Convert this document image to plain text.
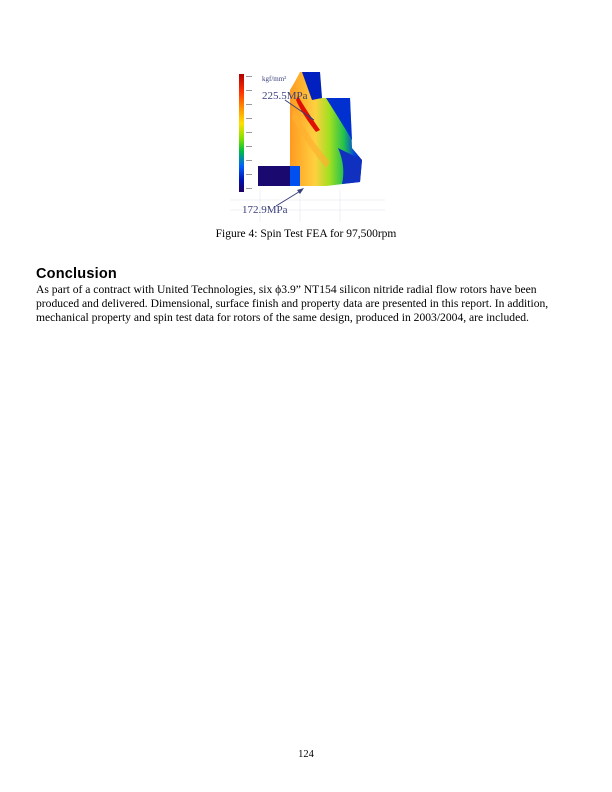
kgf/mm²
225.5MPa
172.9MPa
Figure 4: Spin Test FEA for 97,500rpm
Conclusion
As part of a contract with United Technologies, six ϕ3.9” NT154 silicon nitride radial flow rotors have been
produced and delivered. Dimensional, surface finish and property data are presented in this report. In addition,
mechanical property and spin test data for rotors of the same design, produced in 2003/2004, are included.
124
